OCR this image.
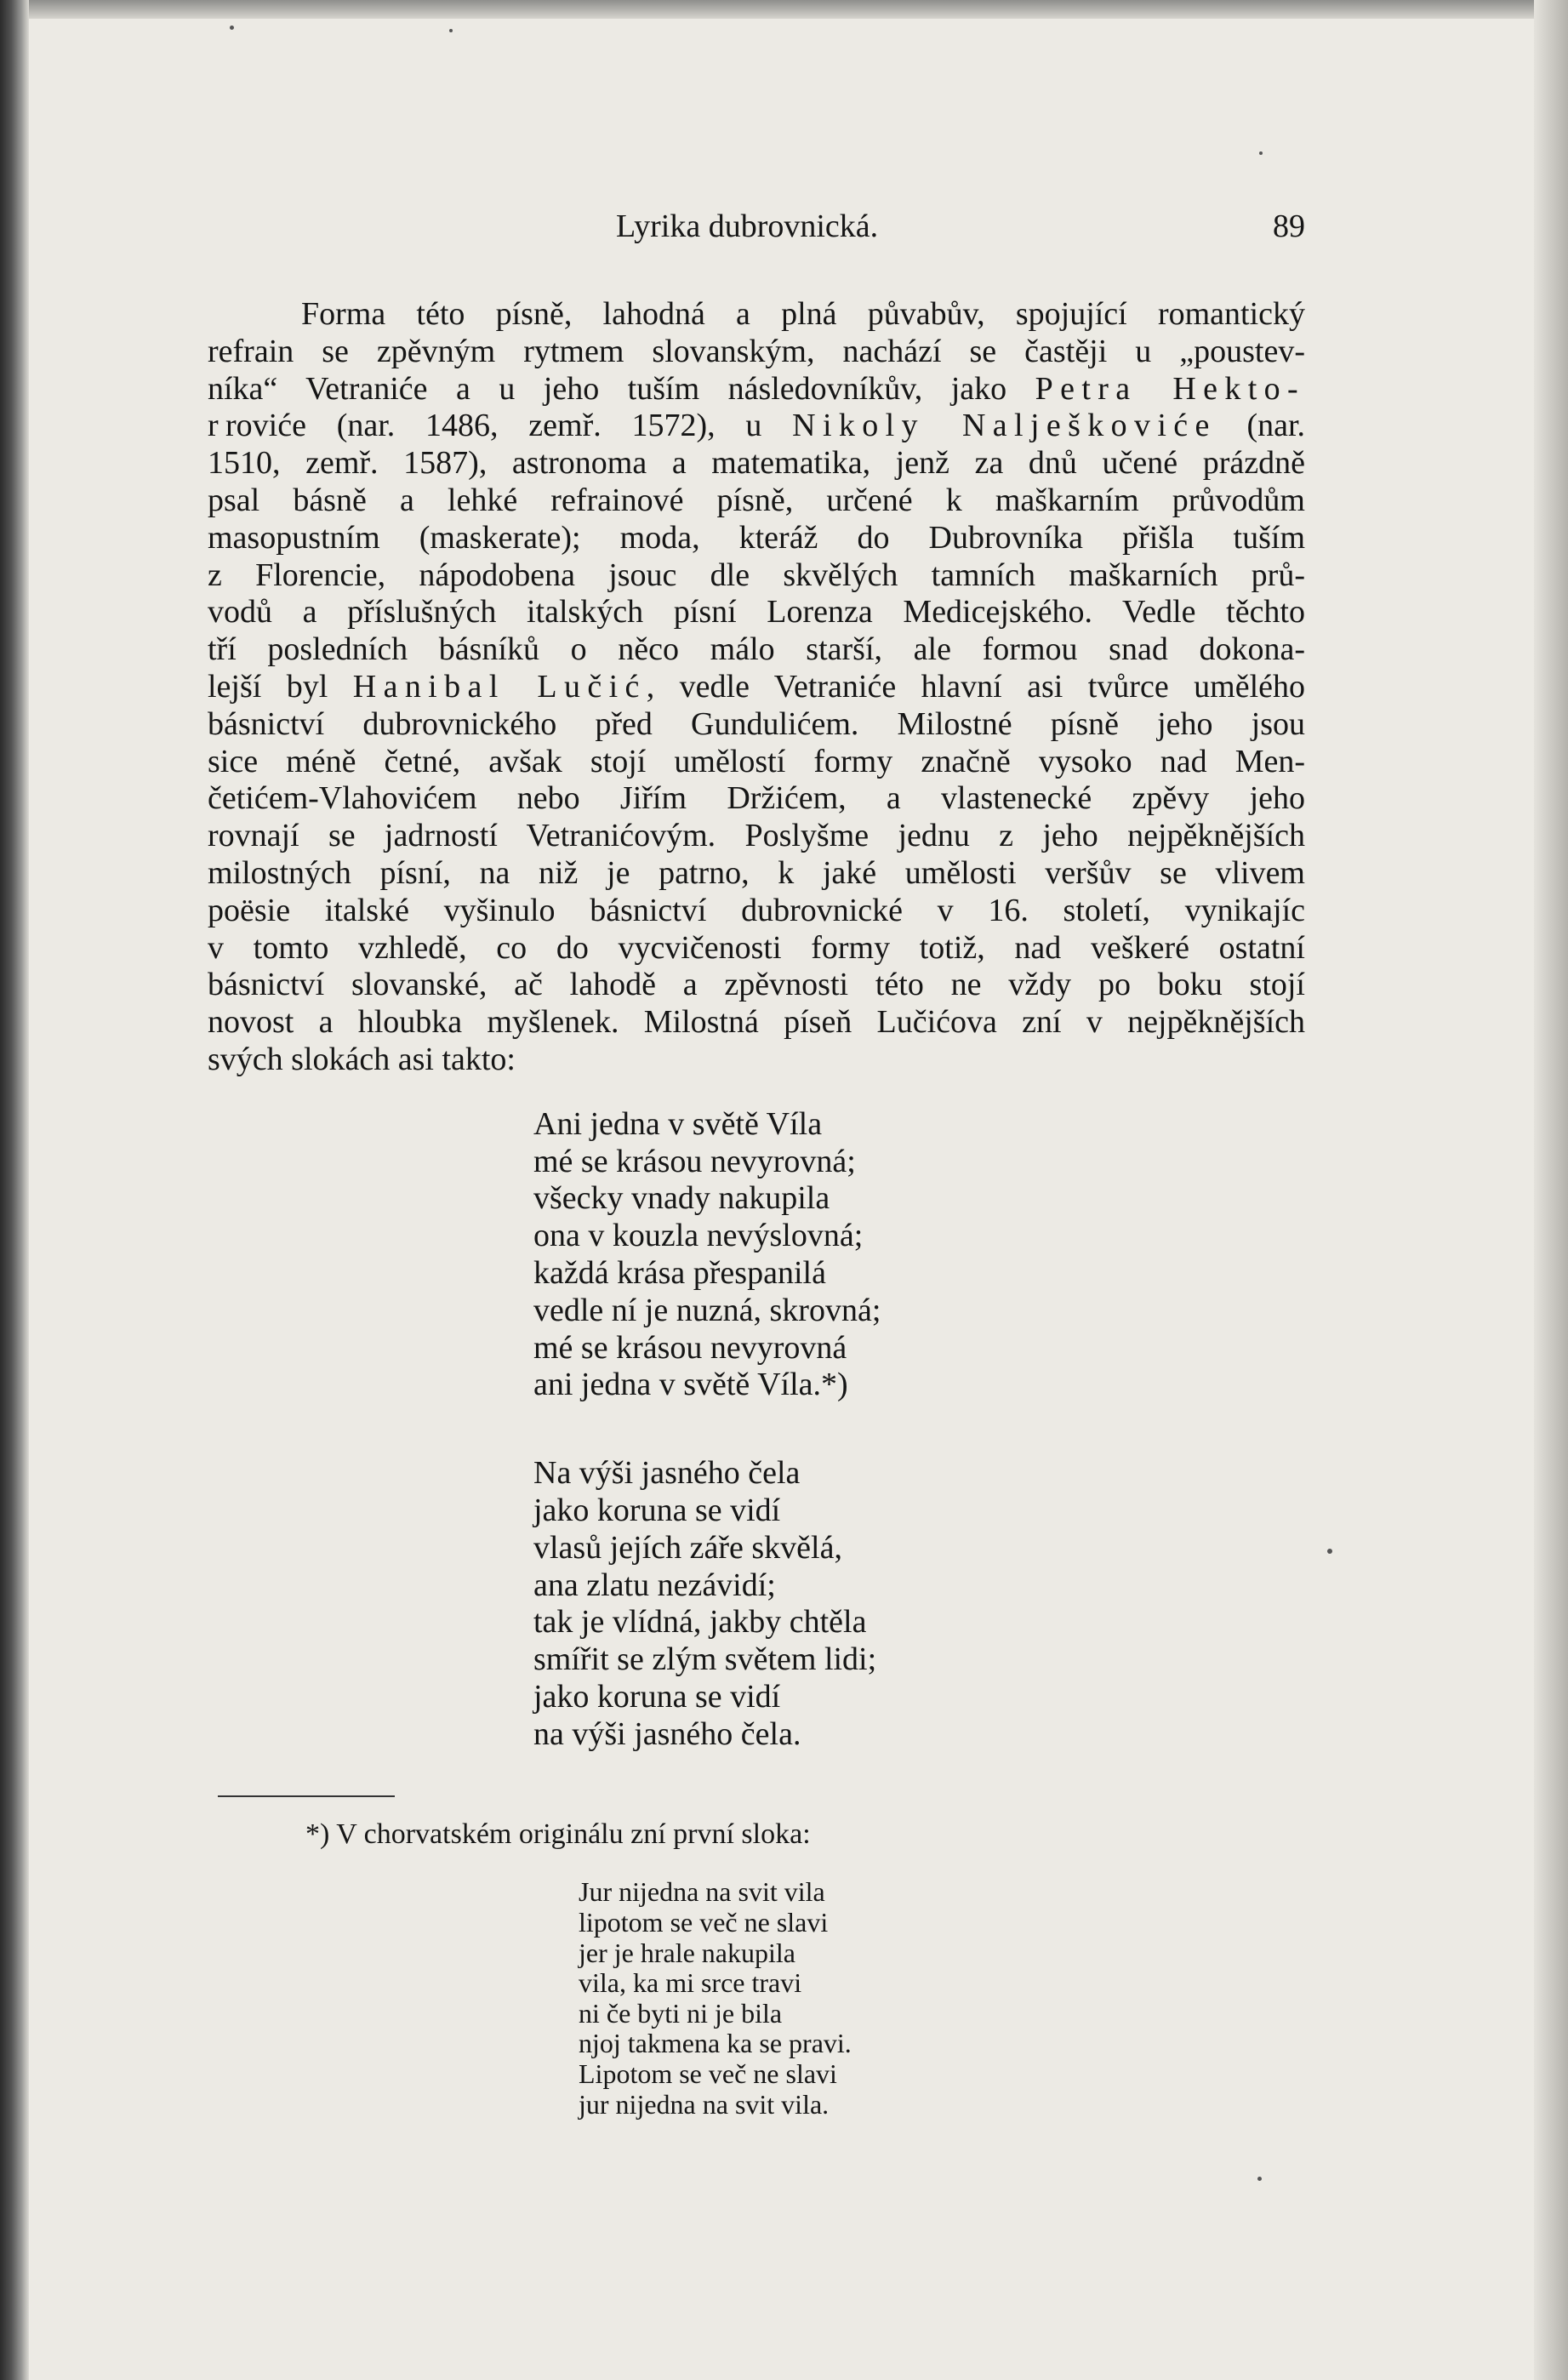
Lyrika dubrovnická.	89
Forma této písně, lahodná a plná půvabův, spojující romantický
refrain se zpěvným rytmem slovanským, nachází se častěji u „poustev-
níka“ Vetraniće a u jeho tuším následovníkův, jako Petra Hekto-
rroviće (nar. 1486, zemř. 1572), u Nikoly Nalješkoviće (nar.
1510, zemř. 1587), astronoma a matematika, jenž za dnů učené prázdně
psal básně a lehké refrainové písně, určené k maškarním průvodům
masopustním (maskerate); moda, kteráž do Dubrovníka přišla tuším
z Florencie, nápodobena jsouc dle skvělých tamních maškarních prů-
vodů a příslušných italských písní Lorenza Medicejského. Vedle těchto
tří posledních básníků o něco málo starší, ale formou snad dokona-
lejší byl Hanibal Lučić, vedle Vetraniće hlavní asi tvůrce umělého
básnictví dubrovnického před Gundulićem. Milostné písně jeho jsou
sice méně četné, avšak stojí umělostí formy značně vysoko nad Men-
četićem-Vlahovićem nebo Jiřím Držićem, a vlastenecké zpěvy jeho
rovnají se jadrností Vetranićovým. Poslyšme jednu z jeho nejpěknějších
milostných písní, na niž je patrno, k jaké umělosti veršův se vlivem
poësie italské vyšinulo básnictví dubrovnické v 16. století, vynikajíc
v tomto vzhledě, co do vycvičenosti formy totiž, nad veškeré ostatní
básnictví slovanské, ač lahodě a zpěvnosti této ne vždy po boku stojí
novost a hloubka myšlenek. Milostná píseň Lučićova zní v nejpěknějších
svých slokách asi takto:
Ani jedna v světě Víla
mé se krásou nevyrovná;
všecky vnady nakupila
ona v kouzla nevýslovná;
každá krása přespanilá
vedle ní je nuzná, skrovná;
mé se krásou nevyrovná
ani jedna v světě Víla.*)
Na výši jasného čela
jako koruna se vidí
vlasů jejích záře skvělá,
ana zlatu nezávidí;
tak je vlídná, jakby chtěla
smířit se zlým světem lidi;
jako koruna se vidí
na výši jasného čela.
*) V chorvatském originálu zní první sloka:
Jur nijedna na svit vila
lipotom se več ne slavi
jer je hrale nakupila
vila, ka mi srce travi
ni če byti ni je bila
njoj takmena ka se pravi.
Lipotom se več ne slavi
jur nijedna na svit vila.
